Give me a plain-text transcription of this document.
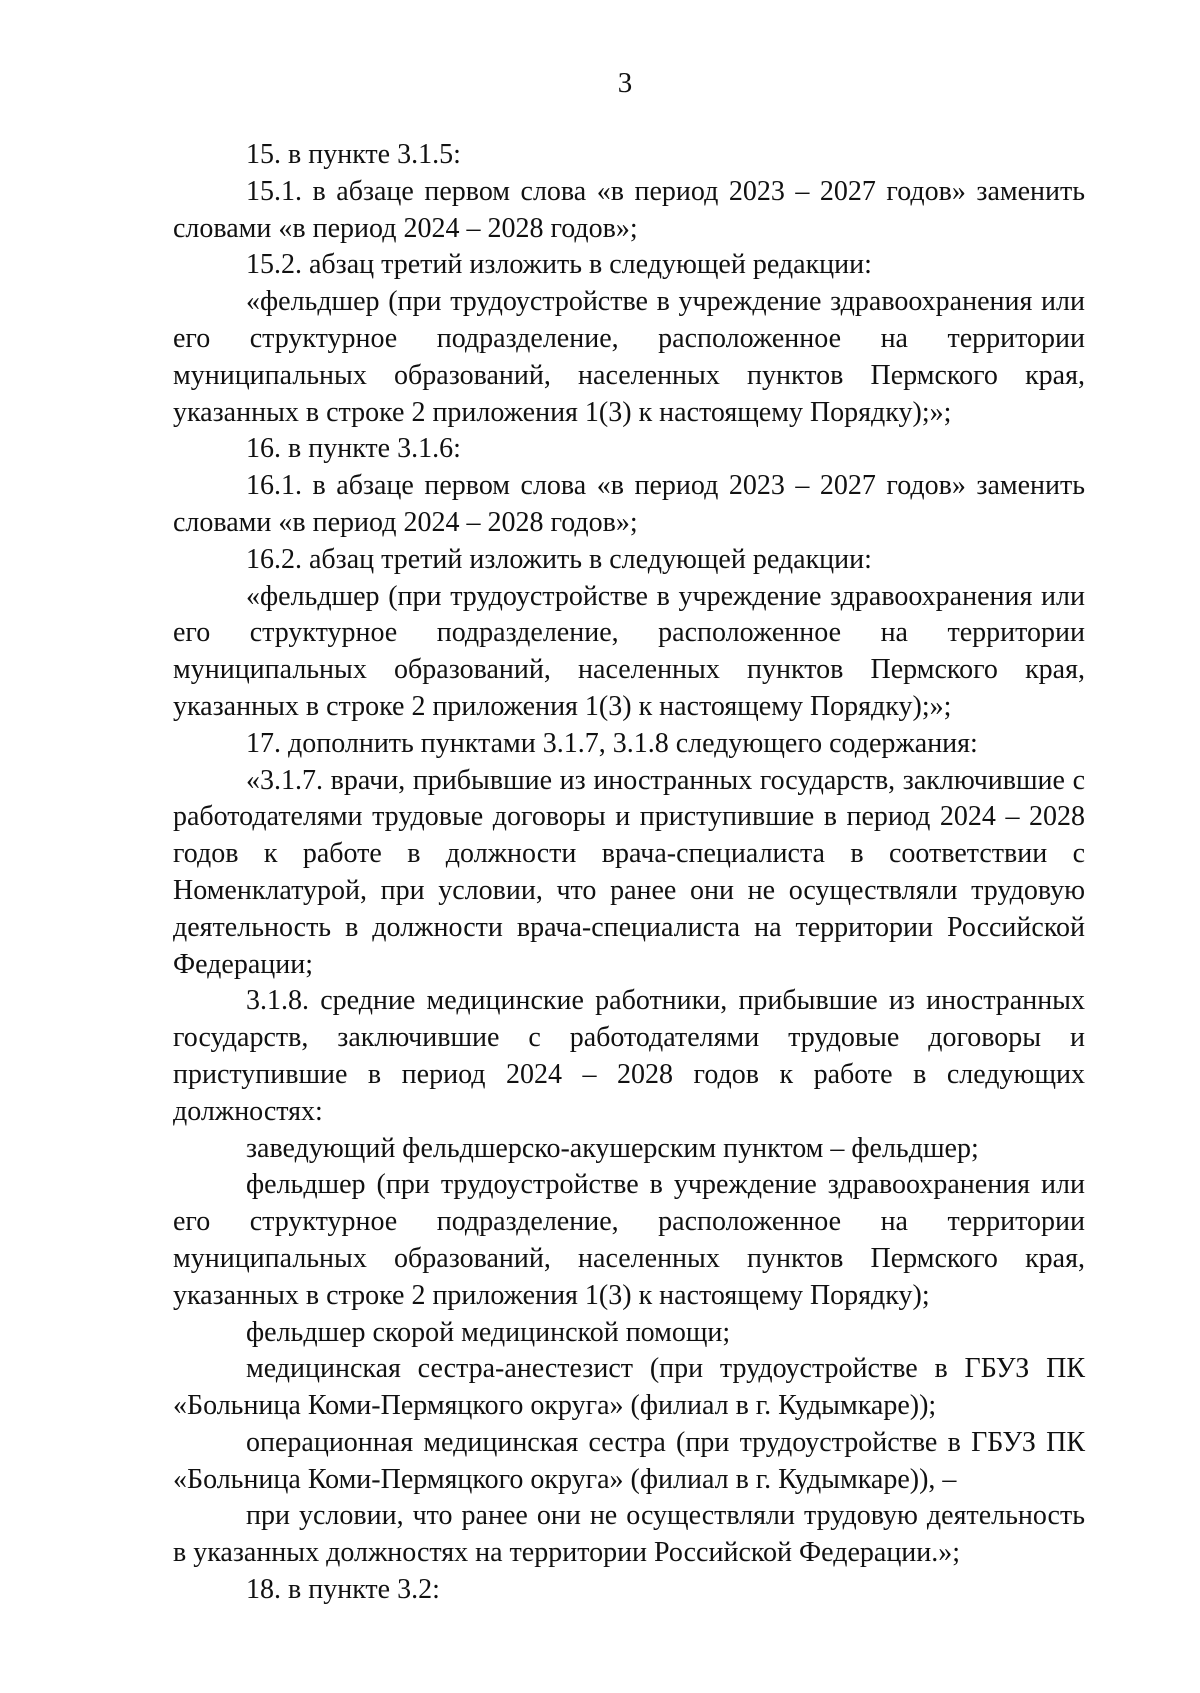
3

15. в пункте 3.1.5:

15.1. в абзаце первом слова «в период 2023 – 2027 годов» заменить словами «в период 2024 – 2028 годов»;

15.2. абзац третий изложить в следующей редакции:

«фельдшер (при трудоустройстве в учреждение здравоохранения или его структурное подразделение, расположенное на территории муниципальных образований, населенных пунктов Пермского края, указанных в строке 2 приложения 1(3) к настоящему Порядку);»;

16. в пункте 3.1.6:

16.1. в абзаце первом слова «в период 2023 – 2027 годов» заменить словами «в период 2024 – 2028 годов»;

16.2. абзац третий изложить в следующей редакции:

«фельдшер (при трудоустройстве в учреждение здравоохранения или его структурное подразделение, расположенное на территории муниципальных образований, населенных пунктов Пермского края, указанных в строке 2 приложения 1(3) к настоящему Порядку);»;

17. дополнить пунктами 3.1.7, 3.1.8 следующего содержания:

«3.1.7. врачи, прибывшие из иностранных государств, заключившие с работодателями трудовые договоры и приступившие в период 2024 – 2028 годов к работе в должности врача-специалиста в соответствии с Номенклатурой, при условии, что ранее они не осуществляли трудовую деятельность в должности врача-специалиста на территории Российской Федерации;

3.1.8. средние медицинские работники, прибывшие из иностранных государств, заключившие с работодателями трудовые договоры и приступившие в период 2024 – 2028 годов к работе в следующих должностях:

заведующий фельдшерско-акушерским пунктом – фельдшер;

фельдшер (при трудоустройстве в учреждение здравоохранения или его структурное подразделение, расположенное на территории муниципальных образований, населенных пунктов Пермского края, указанных в строке 2 приложения 1(3) к настоящему Порядку);

фельдшер скорой медицинской помощи;

медицинская сестра-анестезист (при трудоустройстве в ГБУЗ ПК «Больница Коми-Пермяцкого округа» (филиал в г. Кудымкаре));

операционная медицинская сестра (при трудоустройстве в ГБУЗ ПК «Больница Коми-Пермяцкого округа» (филиал в г. Кудымкаре)), –

при условии, что ранее они не осуществляли трудовую деятельность в указанных должностях на территории Российской Федерации.»;

18. в пункте 3.2:
